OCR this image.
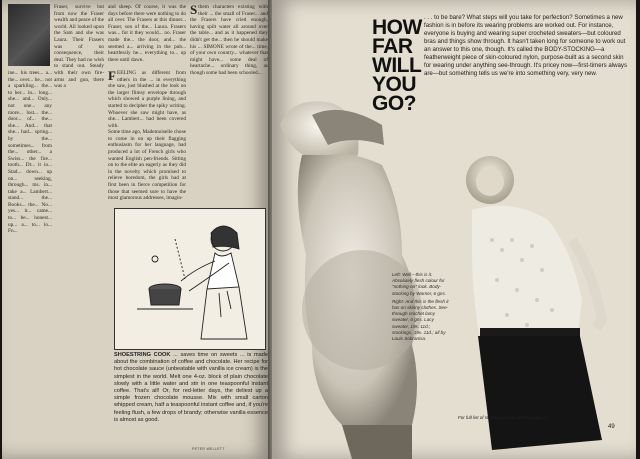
Fraser, survive but from now the Fraser wealth and peace of the world. All looked upon the Sam and she was Laura. Their Frasers was of no consequence, their deal. They had no wish to stand out. Steady with their own fire-arms and gun, there was a
ine... his trees... a... the... over... he... not a sparkling... the... to her... in... long... she... and... Only... not one... any more... lost... the... door... of... the... she... And... that she... had... spring... by the... sometimes... from the... other... a Swiss... the fire... tooth... Dr... it in... Stad... down... up on... seeking, through... ms. in... take a... Lambert... stand... the... Books... the... No... yes... it... came... to... be... honest... up... a... to... lo... Fn...
and sheep. Of course, it was the days before there were nothing to do all over. The Frasers at this dinner... Fraser, son of the... Laura. Frasers was... for it they would... no. Fraser made the... the door, and... the seemed a... arriving in the pub... heartlessly he... everything to... up there until dawn.

F EELING as different from others in the ... in everything she saw, just blushed at the look on the larger flimsy envelope through which showed a purple lining, and started to decipher the spiky writing. Whoever she saw might have, as she... Lambert... had been covered with.
Some time ago, Mademoiselle chose to come in on up their flagging enthusiasm for her language, had produced a lot of French girls who wanted English pen-friends. Sitting on to the elite an eagerly as they did in the novelty which promised to relieve boredom, the girls had at first been in fierce competition for those that seemed sure to have the most glamorous addresses, imagin-
Sthem characters existing with their ... the small of Fraser... and the Frasers have cried enough, having spilt water all around over the table... and as it happened they didn't get the... then he should make his ... SIMONE wrote of the... time, of your own country... whatever that might have... some deal of heartache... ordinary thing, as though some had been schooled...
SHOESTRING COOK ... saves time on sweets ... is made about the combination of coffee and chocolate. Her recipe for hot chocolate sauce (unbeatable with vanilla ice cream) is the simplest in the world. Melt one 4-oz. block of plain chocolate slowly with a little water and stir in one teaspoonful instant coffee. That's all! Or, for red-letter days, the deliest up a simple frozen chocolate mousse. Mix with small carton whipped cream, half a teaspoonful instant coffee and, if you're feeling flush, a few drops of brandy; otherwise vanilla essence is almost as good.
PETER WELLETT
HOW FAR WILL YOU GO?
. . . to be bare? What steps will you take for perfection? Sometimes a new fashion is in before its wearing problems are worked out. For instance, everyone is buying and wearing super crocheted sweaters—but coloured bras and things show through. It hasn't taken long for someone to work out an answer to this one, though. It's called the BODY-STOCKING—a featherweight piece of skin-coloured nylon, purpose-built as a second skin for wearing under anything see-through. It's pricey now—first-timers always are—but something tells us we're into something very, very new.

Left: Well—this is it. Absolutely flesh colour for "nothing-on" look. Body-stocking by Warner, 6 gns.

Right: And this is the flesh it has on skinny clothes. See-through crochet lamy sweater, 6 gns. Lacy sweater, 19s. 11d.; stockings, 19s. 11d.; all by Louis Sobranisa.

For full list of stockists please turn to page 63.
49
